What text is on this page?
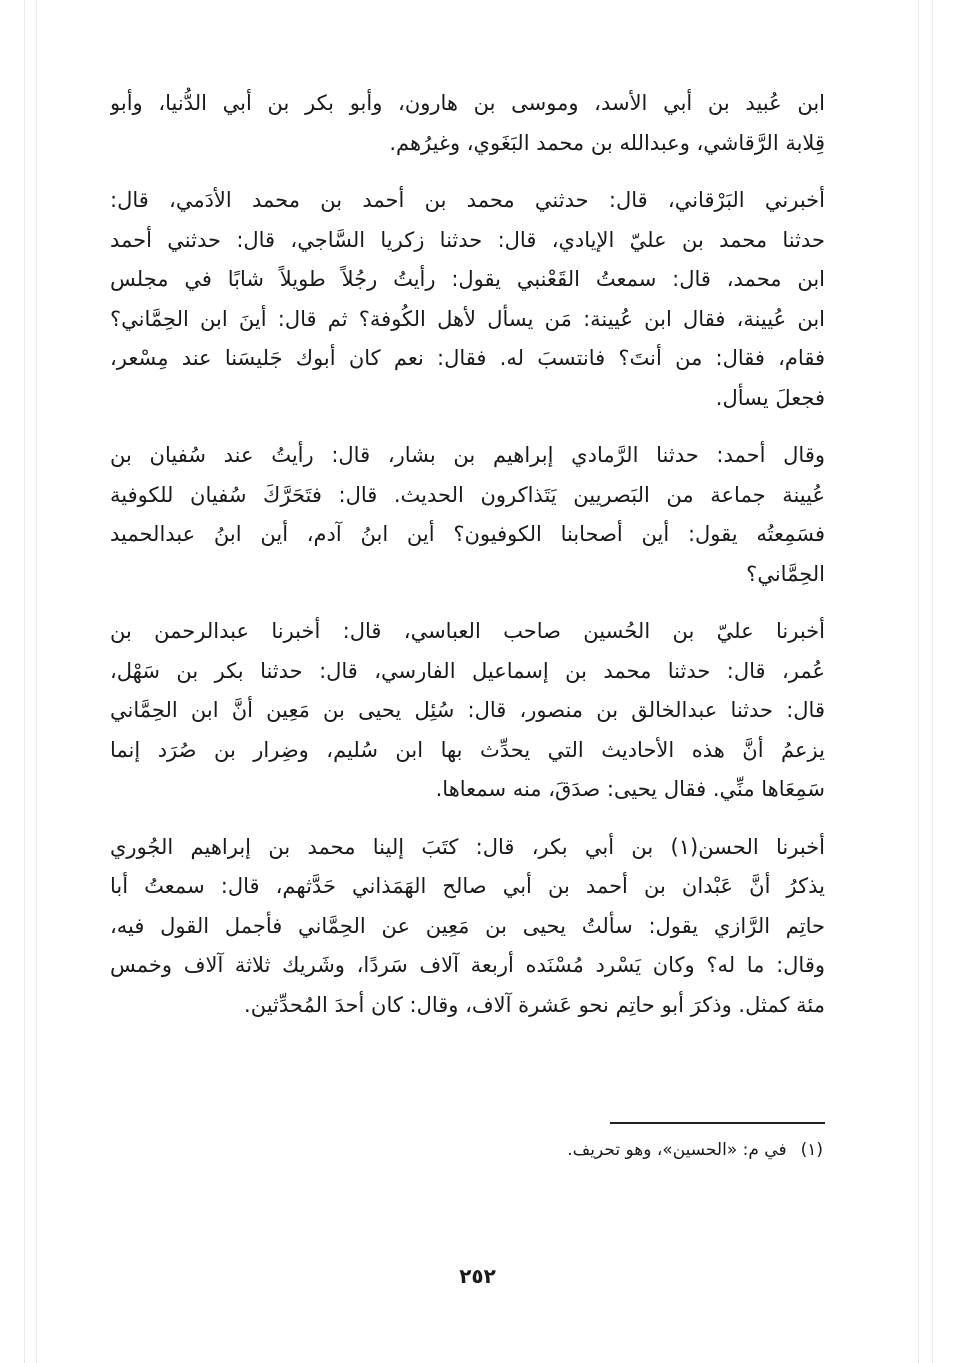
ابن عُبيد بن أبي الأسد، وموسى بن هارون، وأبو بكر بن أبي الدُّنيا، وأبو
قِلابة الرَّقاشي، وعبدالله بن محمد البَغَوي، وغيرُهم.

أخبرني البَرْقاني، قال: حدثني محمد بن أحمد بن محمد الأدَمي، قال:
حدثنا محمد بن عليّ الإيادي، قال: حدثنا زكريا السَّاجي، قال: حدثني أحمد
ابن محمد، قال: سمعتُ القَعْنبي يقول: رأيتُ رجُلاً طويلاً شابًا في مجلس
ابن عُيينة، فقال ابن عُيينة: مَن يسأل لأهل الكُوفة؟ ثم قال: أينَ ابن الحِمَّاني؟
فقام، فقال: من أنتَ؟ فانتسبَ له. فقال: نعم كان أبوك جَليسَنا عند مِسْعر،
فجعلَ يسأل.

وقال أحمد: حدثنا الرَّمادي إبراهيم بن بشار، قال: رأيتُ عند سُفيان بن
عُيينة جماعة من البَصريين يَتَذاكرون الحديث. قال: فتَحَرَّكَ سُفيان للكوفية
فسَمِعتُه يقول: أين أصحابنا الكوفيون؟ أين ابنُ آدم، أين ابنُ عبدالحميد
الحِمَّاني؟

أخبرنا عليّ بن الحُسين صاحب العباسي، قال: أخبرنا عبدالرحمن بن
عُمر، قال: حدثنا محمد بن إسماعيل الفارسي، قال: حدثنا بكر بن سَهْل،
قال: حدثنا عبدالخالق بن منصور، قال: سُئِل يحيى بن مَعِين أنَّ ابن الحِمَّاني
يزعمُ أنَّ هذه الأحاديث التي يحدِّث بها ابن سُليم، وضِرار بن صُرَد إنما
سَمِعَاها منِّي. فقال يحيى: صدَقَ، منه سمعاها.

أخبرنا الحسن(١) بن أبي بكر، قال: كتَبَ إلينا محمد بن إبراهيم الجُوري
يذكرُ أنَّ عَبْدان بن أحمد بن أبي صالح الهَمَذاني حَدَّثهم، قال: سمعتُ أبا
حاتِم الرَّازي يقول: سألتُ يحيى بن مَعِين عن الحِمَّاني فأجمل القول فيه،
وقال: ما له؟ وكان يَسْرد مُسْنَده أربعة آلاف سَردًا، وشَريك ثلاثة آلاف وخمس
مئة كمثل. وذكرَ أبو حاتِم نحو عَشرة آلاف، وقال: كان أحدَ المُحدِّثين.

(١)في م: «الحسين»، وهو تحريف.
٢٥٢
